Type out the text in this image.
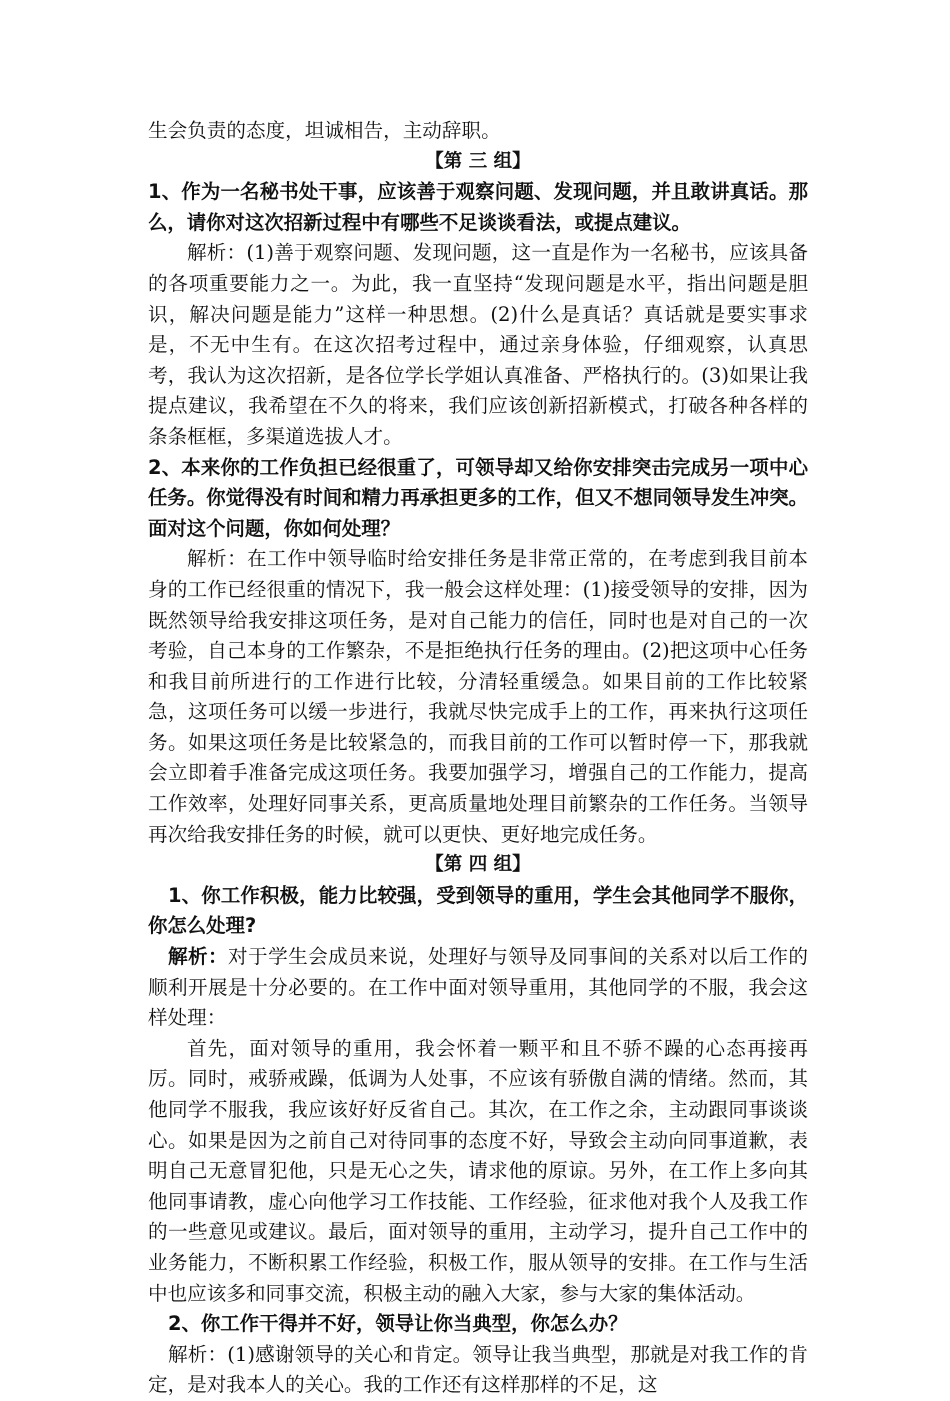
生会负责的态度，坦诚相告，主动辞职。

【第 三 组】

1、作为一名秘书处干事，应该善于观察问题、发现问题，并且敢讲真话。那么，请你对这次招新过程中有哪些不足谈谈看法，或提点建议。

解析：(1)善于观察问题、发现问题，这一直是作为一名秘书，应该具备的各项重要能力之一。为此，我一直坚持“发现问题是水平，指出问题是胆识，解决问题是能力”这样一种思想。(2)什么是真话？真话就是要实事求是，不无中生有。在这次招考过程中，通过亲身体验，仔细观察，认真思考，我认为这次招新，是各位学长学姐认真准备、严格执行的。(3)如果让我提点建议，我希望在不久的将来，我们应该创新招新模式，打破各种各样的条条框框，多渠道选拔人才。

2、本来你的工作负担已经很重了，可领导却又给你安排突击完成另一项中心任务。你觉得没有时间和精力再承担更多的工作，但又不想同领导发生冲突。面对这个问题，你如何处理？

解析：在工作中领导临时给安排任务是非常正常的，在考虑到我目前本身的工作已经很重的情况下，我一般会这样处理：(1)接受领导的安排，因为既然领导给我安排这项任务，是对自己能力的信任，同时也是对自己的一次考验，自己本身的工作繁杂，不是拒绝执行任务的理由。(2)把这项中心任务和我目前所进行的工作进行比较，分清轻重缓急。如果目前的工作比较紧急，这项任务可以缓一步进行，我就尽快完成手上的工作，再来执行这项任务。如果这项任务是比较紧急的，而我目前的工作可以暂时停一下，那我就会立即着手准备完成这项任务。我要加强学习，增强自己的工作能力，提高工作效率，处理好同事关系，更高质量地处理目前繁杂的工作任务。当领导再次给我安排任务的时候，就可以更快、更好地完成任务。

【第 四 组】

1、你工作积极，能力比较强，受到领导的重用，学生会其他同学不服你，你怎么处理?

解析：对于学生会成员来说，处理好与领导及同事间的关系对以后工作的顺利开展是十分必要的。在工作中面对领导重用，其他同学的不服，我会这样处理：

首先，面对领导的重用，我会怀着一颗平和且不骄不躁的心态再接再厉。同时，戒骄戒躁，低调为人处事，不应该有骄傲自满的情绪。然而，其他同学不服我，我应该好好反省自己。其次，在工作之余，主动跟同事谈谈心。如果是因为之前自己对待同事的态度不好，导致会主动向同事道歉，表明自己无意冒犯他，只是无心之失，请求他的原谅。另外，在工作上多向其他同事请教，虚心向他学习工作技能、工作经验，征求他对我个人及我工作的一些意见或建议。最后，面对领导的重用，主动学习，提升自己工作中的业务能力，不断积累工作经验，积极工作，服从领导的安排。在工作与生活中也应该多和同事交流，积极主动的融入大家，参与大家的集体活动。

2、你工作干得并不好，领导让你当典型，你怎么办？

解析：(1)感谢领导的关心和肯定。领导让我当典型，那就是对我工作的肯定，是对我本人的关心。我的工作还有这样那样的不足，这
